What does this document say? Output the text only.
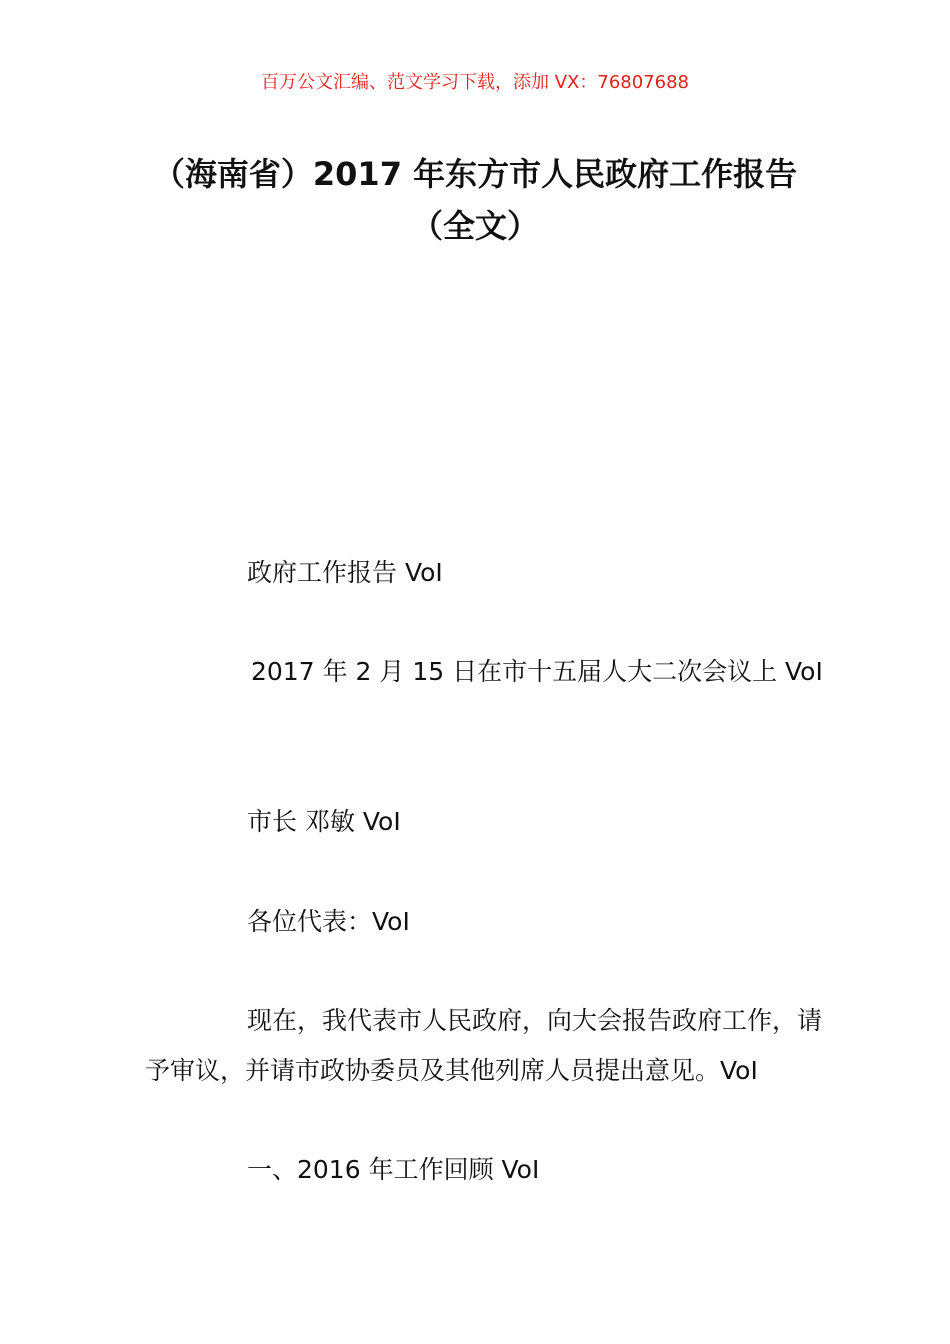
百万公文汇编、范文学习下载，添加 VX：76807688
（海南省）2017 年东方市人民政府工作报告（全文）
政府工作报告 VoI
2017 年 2 月 15 日在市十五届人大二次会议上 VoI
市长 邓敏 VoI
各位代表：VoI
现在，我代表市人民政府，向大会报告政府工作，请予审议，并请市政协委员及其他列席人员提出意见。VoI
一、2016 年工作回顾 VoI
